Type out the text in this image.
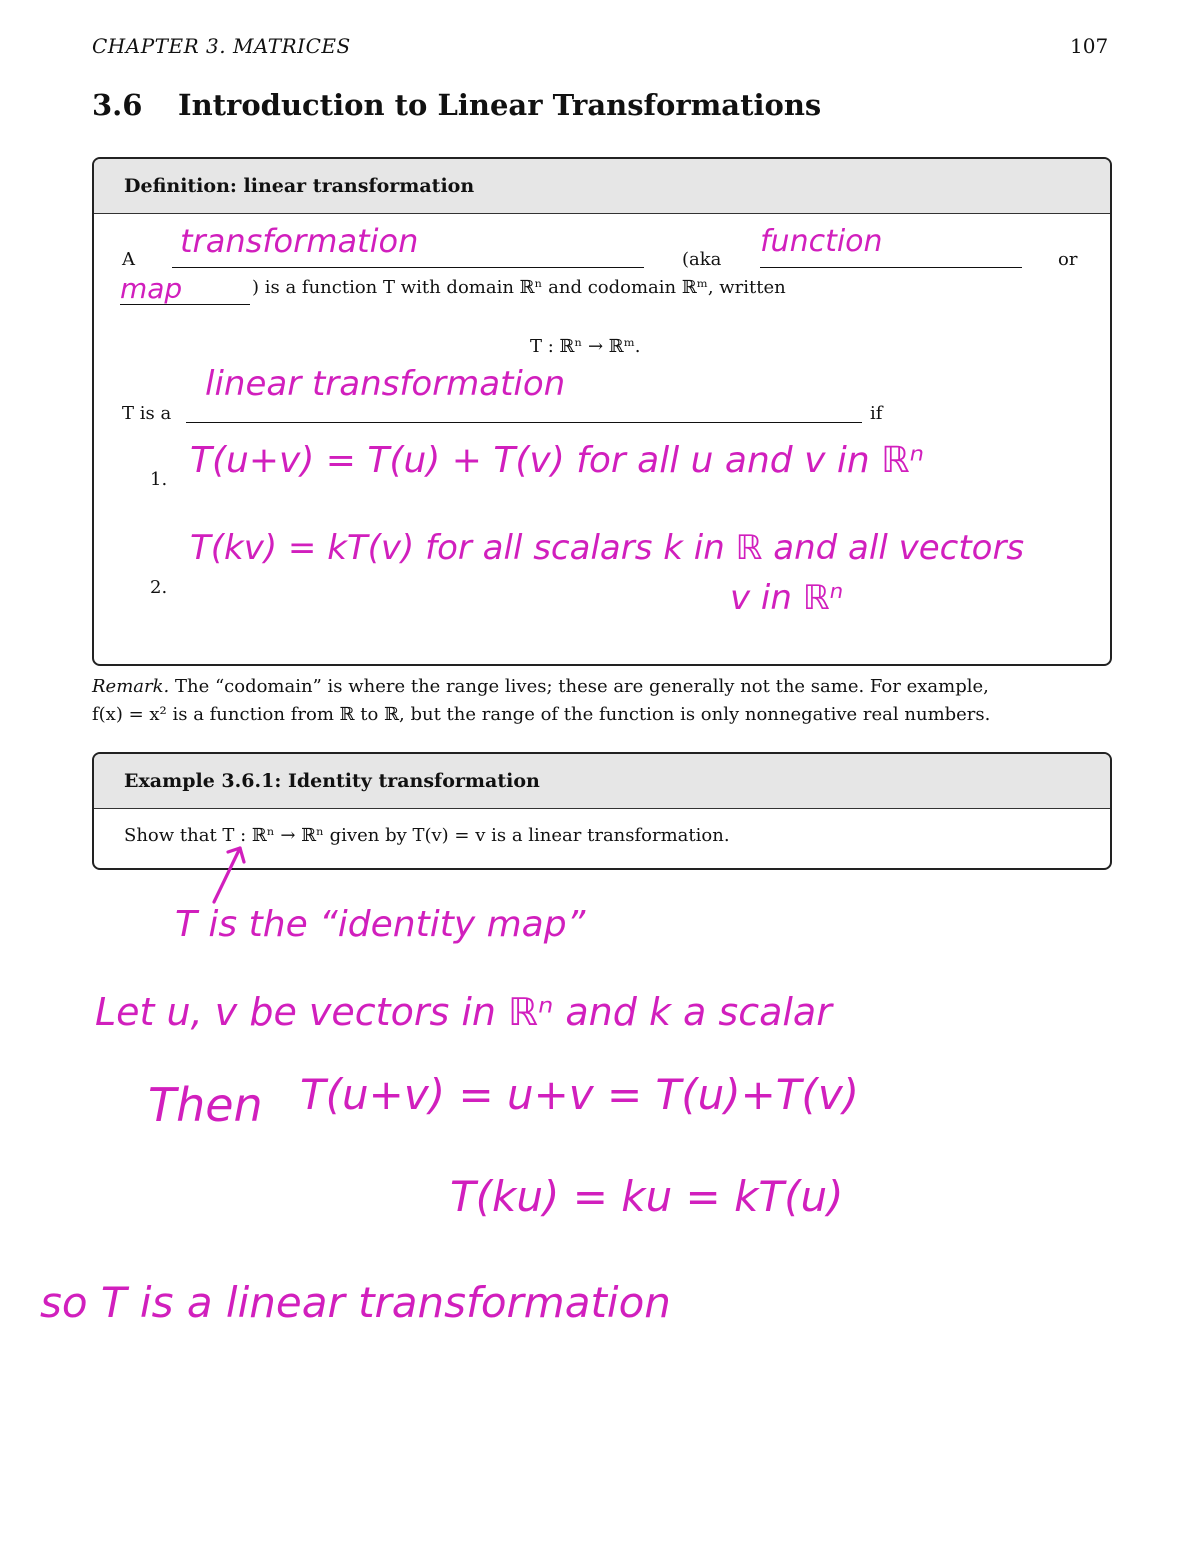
CHAPTER 3. MATRICES	107
3.6 Introduction to Linear Transformations
Definition: linear transformation
A	(aka	or
) is a function T with domain ℝⁿ and codomain ℝᵐ, written
T : ℝⁿ → ℝᵐ.
T is a	if
1.
2.
transformation	function
map
linear transformation
T(u+v) = T(u) + T(v) for all u and v in ℝⁿ
T(kv) = kT(v) for all scalars k in ℝ and all vectors
v in ℝⁿ
Remark. The “codomain” is where the range lives; these are generally not the same. For example,
f(x) = x² is a function from ℝ to ℝ, but the range of the function is only nonnegative real numbers.
Example 3.6.1: Identity transformation
Show that T : ℝⁿ → ℝⁿ given by T(v) = v is a linear transformation.
T is the “identity map”
Let u, v be vectors in ℝⁿ and k a scalar
Then T(u+v) = u+v = T(u)+T(v)
T(ku) = ku = kT(u)
so T is a linear transformation
